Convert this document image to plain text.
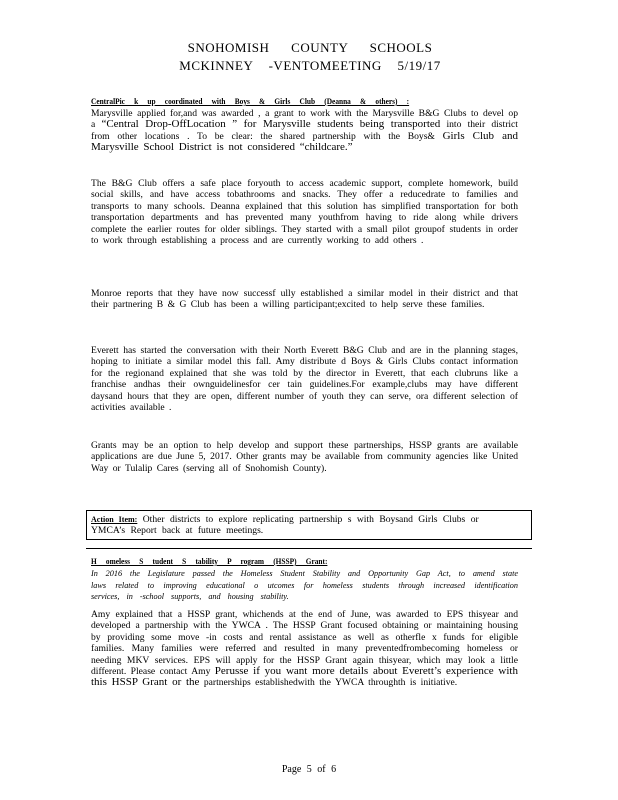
SNOHOMISH COUNTY SCHOOLS
MCKINNEY -VENTOMEETING 5/19/17
CentralPic k up coordinated with Boys & Girls Club (Deanna & others) :
Marysville applied for,and was awarded , a grant to work with the Marysville B&G Clubs to devel op a “Central Drop-OffLocation ” for Marysville students being transported into their district from other locations . To be clear: the shared partnership with the Boys& Girls Club and Marysville School District is not considered “childcare.”
The B&G Club offers a safe place foryouth to access academic support, complete homework, build social skills, and have access tobathrooms and snacks. They offer a reducedrate to families and transports to many schools. Deanna explained that this solution has simplified transportation for both transportation departments and has prevented many youthfrom having to ride along while drivers complete the earlier routes for older siblings. They started with a small pilot groupof students in order to work through establishing a process and are currently working to add others .
Monroe reports that they have now successf ully established a similar model in their district and that their partnering B & G Club has been a willing participant;excited to help serve these families.
Everett has started the conversation with their North Everett B&G Club and are in the planning stages, hoping to initiate a similar model this fall. Amy distribute d Boys & Girls Clubs contact information for the regionand explained that she was told by the director in Everett, that each clubruns like a franchise andhas their ownguidelinesfor cer tain guidelines.For example,clubs may have different daysand hours that they are open, different number of youth they can serve, ora different selection of activities available .
Grants may be an option to help develop and support these partnerships, HSSP grants are available applications are due June 5, 2017. Other grants may be available from community agencies like United Way or Tulalip Cares (serving all of Snohomish County).
Action Item: Other districts to explore replicating partnership s with Boysand Girls Clubs or YMCA’s Report back at future meetings.
H omeless S tudent S tability P rogram (HSSP) Grant:
In 2016 the Legislature passed the Homeless Student Stability and Opportunity Gap Act, to amend state laws related to improving educational o utcomes for homeless students through increased identification services, in -school supports, and housing stability.
Amy explained that a HSSP grant, whichends at the end of June, was awarded to EPS thisyear and developed a partnership with the YWCA . The HSSP Grant focused obtaining or maintaining housing by providing some move -in costs and rental assistance as well as otherfle x funds for eligible families. Many families were referred and resulted in many preventedfrombecoming homeless or needing MKV services. EPS will apply for the HSSP Grant again thisyear, which may look a little different. Please contact Amy Perusse if you want more details about Everett’s experience with this HSSP Grant or the partnerships establishedwith the YWCA throughth is initiative.
Page 5 of 6
